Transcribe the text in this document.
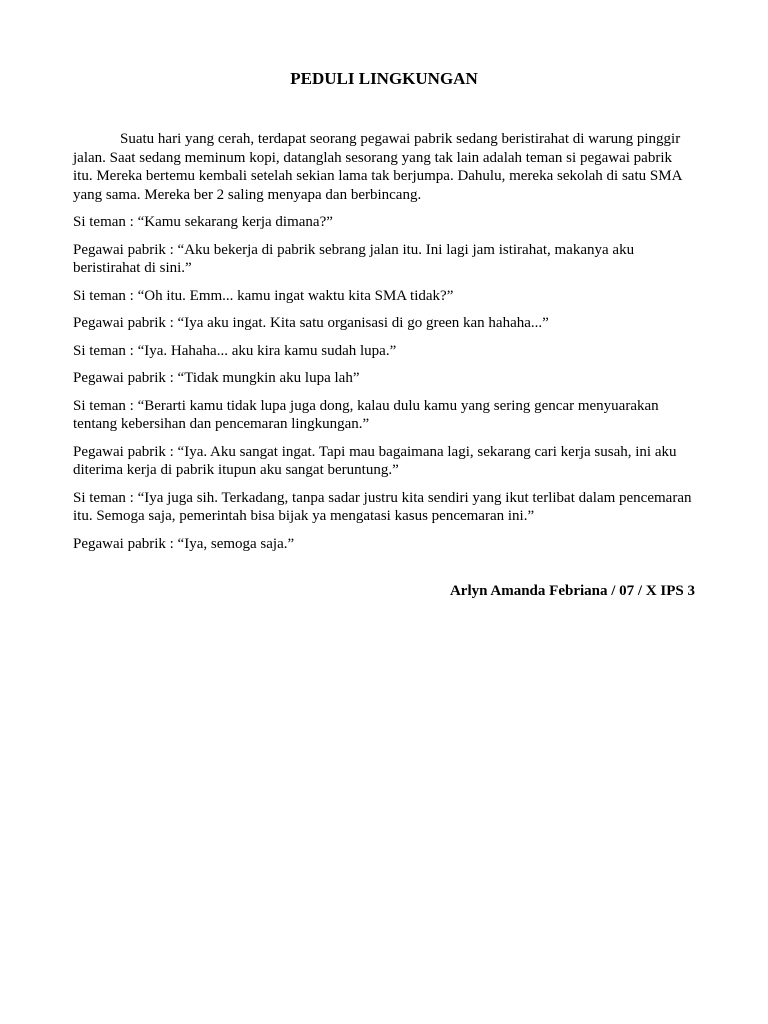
PEDULI LINGKUNGAN

Suatu hari yang cerah, terdapat seorang pegawai pabrik sedang beristirahat di warung pinggir jalan. Saat sedang meminum kopi, datanglah sesorang yang tak lain adalah teman si pegawai pabrik itu. Mereka bertemu kembali setelah sekian lama tak berjumpa. Dahulu, mereka sekolah di satu SMA yang sama. Mereka ber 2 saling menyapa dan berbincang.

Si teman : “Kamu sekarang kerja dimana?”

Pegawai pabrik : “Aku bekerja di pabrik sebrang jalan itu. Ini lagi jam istirahat, makanya aku beristirahat di sini.”

Si teman : “Oh itu. Emm... kamu ingat waktu kita SMA tidak?”

Pegawai pabrik : “Iya aku ingat. Kita satu organisasi di go green kan hahaha...”

Si teman : “Iya. Hahaha... aku kira kamu sudah lupa.”

Pegawai pabrik : “Tidak mungkin aku lupa lah”

Si teman : “Berarti kamu tidak lupa juga dong, kalau dulu kamu yang sering gencar menyuarakan tentang kebersihan dan pencemaran lingkungan.”

Pegawai pabrik : “Iya. Aku sangat ingat. Tapi mau bagaimana lagi, sekarang cari kerja susah, ini aku diterima kerja di pabrik itupun aku sangat beruntung.”

Si teman : “Iya juga sih. Terkadang, tanpa sadar justru kita sendiri yang ikut terlibat dalam pencemaran itu. Semoga saja, pemerintah bisa bijak ya mengatasi kasus pencemaran ini.”

Pegawai pabrik : “Iya, semoga saja.”

Arlyn Amanda Febriana / 07 / X IPS 3
